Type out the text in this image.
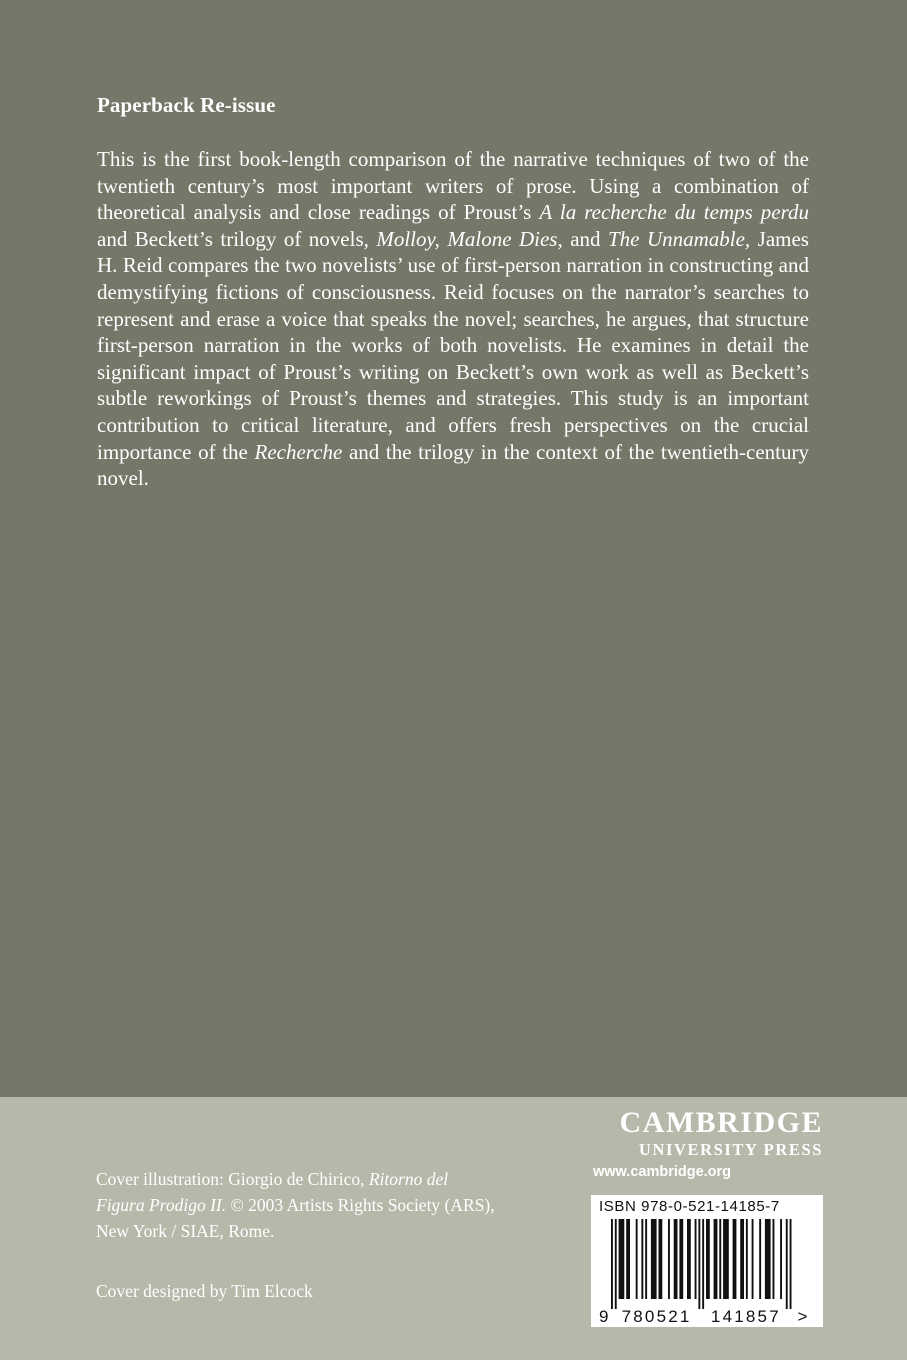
Paperback Re-issue

This is the first book-length comparison of the narrative techniques of two of the twentieth century’s most important writers of prose. Using a combination of theoretical analysis and close readings of Proust’s A la recherche du temps perdu and Beckett’s trilogy of novels, Molloy, Malone Dies, and The Unnamable, James H. Reid compares the two novelists’ use of first-person narration in constructing and demystifying fictions of consciousness. Reid focuses on the narrator’s searches to represent and erase a voice that speaks the novel; searches, he argues, that structure first-person narration in the works of both novelists. He examines in detail the significant impact of Proust’s writing on Beckett’s own work as well as Beckett’s subtle reworkings of Proust’s themes and strategies. This study is an important contribution to critical literature, and offers fresh perspectives on the crucial importance of the Recherche and the trilogy in the context of the twentieth-century novel.

Cover illustration: Giorgio de Chirico, Ritorno del Figura Prodigo II. © 2003 Artists Rights Society (ARS), New York / SIAE, Rome.
Cover designed by Tim Elcock
CAMBRIDGE
UNIVERSITY PRESS
www.cambridge.org
9 780521 141857 >
ISBN 978-0-521-14185-7
